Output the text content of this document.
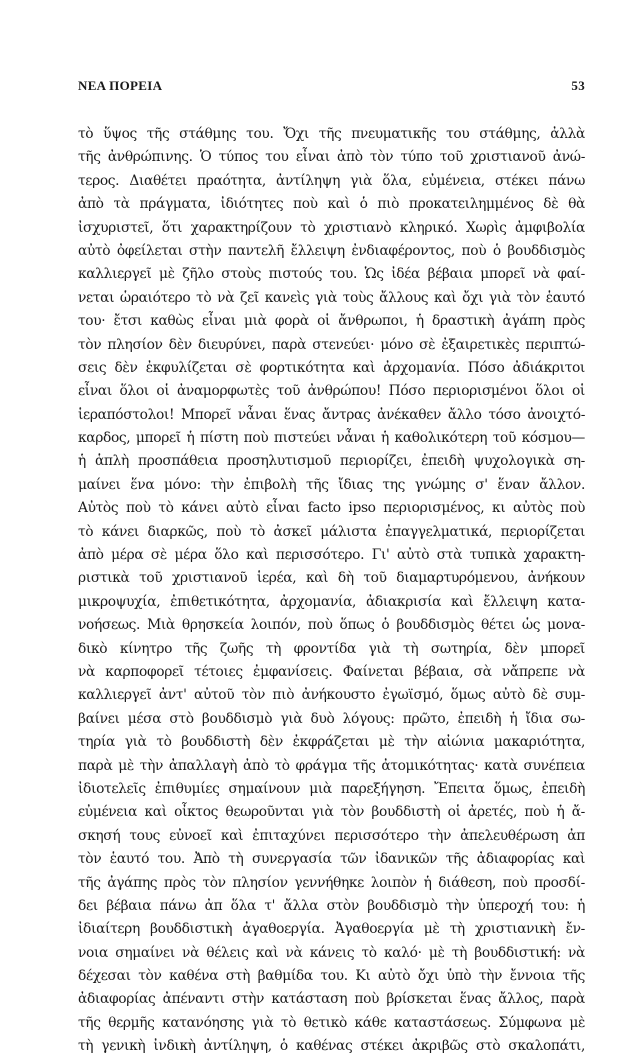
ΝΕΑ ΠΟΡΕΙΑ	53
τὸ ὕψος τῆς στάθμης του. Ὄχι τῆς πνευματικῆς του στάθμης, ἀλλὰ
τῆς ἀνθρώπινης. Ὁ τύπος του εἶναι ἀπὸ τὸν τύπο τοῦ χριστιανοῦ ἀνώ-
τερος. Διαθέτει πραότητα, ἀντίληψη γιὰ ὅλα, εὐμένεια, στέκει πάνω
ἀπὸ τὰ πράγματα, ἰδιότητες ποὺ καὶ ὁ πιὸ προκατειλημμένος δὲ θὰ
ἰσχυριστεῖ, ὅτι χαρακτηρίζουν τὸ χριστιανὸ κληρικό. Χωρὶς ἀμφιβολία
αὐτὸ ὀφείλεται στὴν παντελῆ ἔλλειψη ἐνδιαφέροντος, ποὺ ὁ βουδδισμὸς
καλλιεργεῖ μὲ ζῆλο στοὺς πιστούς του. Ὡς ἰδέα βέβαια μπορεῖ νὰ φαί-
νεται ὡραιότερο τὸ νὰ ζεῖ κανεὶς γιὰ τοὺς ἄλλους καὶ ὄχι γιὰ τὸν ἑαυτό
του· ἔτσι καθὼς εἶναι μιὰ φορὰ οἱ ἄνθρωποι, ἡ δραστικὴ ἀγάπη πρὸς
τὸν πλησίον δὲν διευρύνει, παρὰ στενεύει· μόνο σὲ ἐξαιρετικὲς περιπτώ-
σεις δὲν ἐκφυλίζεται σὲ φορτικότητα καὶ ἀρχομανία. Πόσο ἀδιάκριτοι
εἶναι ὅλοι οἱ ἀναμορφωτὲς τοῦ ἀνθρώπου! Πόσο περιορισμένοι ὅλοι οἱ
ἱεραπόστολοι! Μπορεῖ νἆναι ἕνας ἄντρας ἀνέκαθεν ἄλλο τόσο ἀνοιχτό-
καρδος, μπορεῖ ἡ πίστη ποὺ πιστεύει νἆναι ἡ καθολικότερη τοῦ κόσμου—
ἡ ἁπλὴ προσπάθεια προσηλυτισμοῦ περιορίζει, ἐπειδὴ ψυχολογικὰ ση-
μαίνει ἕνα μόνο: τὴν ἐπιβολὴ τῆς ἴδιας της γνώμης σ' ἕναν ἄλλον.
Αὐτὸς ποὺ τὸ κάνει αὐτὸ εἶναι facto ipso περιορισμένος, κι αὐτὸς ποὺ
τὸ κάνει διαρκῶς, ποὺ τὸ ἀσκεῖ μάλιστα ἐπαγγελματικά, περιορίζεται
ἀπὸ μέρα σὲ μέρα ὅλο καὶ περισσότερο. Γι' αὐτὸ στὰ τυπικὰ χαρακτη-
ριστικὰ τοῦ χριστιανοῦ ἱερέα, καὶ δὴ τοῦ διαμαρτυρόμενου, ἀνήκουν
μικροψυχία, ἐπιθετικότητα, ἀρχομανία, ἀδιακρισία καὶ ἔλλειψη κατα-
νοήσεως. Μιὰ θρησκεία λοιπόν, ποὺ ὅπως ὁ βουδδισμὸς θέτει ὡς μονα-
δικὸ κίνητρο τῆς ζωῆς τὴ φροντίδα γιὰ τὴ σωτηρία, δὲν μπορεῖ
νὰ καρποφορεῖ τέτοιες ἐμφανίσεις. Φαίνεται βέβαια, σὰ νἄπρεπε νὰ
καλλιεργεῖ ἀντ' αὐτοῦ τὸν πιὸ ἀνήκουστο ἐγωϊσμό, ὅμως αὐτὸ δὲ συμ-
βαίνει μέσα στὸ βουδδισμὸ γιὰ δυὸ λόγους: πρῶτο, ἐπειδὴ ἡ ἴδια σω-
τηρία γιὰ τὸ βουδδιστὴ δὲν ἐκφράζεται μὲ τὴν αἰώνια μακαριότητα,
παρὰ μὲ τὴν ἀπαλλαγὴ ἀπὸ τὸ φράγμα τῆς ἀτομικότητας· κατὰ συνέπεια
ἰδιοτελεῖς ἐπιθυμίες σημαίνουν μιὰ παρεξήγηση. Ἔπειτα ὅμως, ἐπειδὴ
εὐμένεια καὶ οἶκτος θεωροῦνται γιὰ τὸν βουδδιστὴ οἱ ἀρετές, ποὺ ἡ ἄ-
σκησή τους εὐνοεῖ καὶ ἐπιταχύνει περισσότερο τὴν ἀπελευθέρωση ἀπ
τὸν ἑαυτό του. Ἀπὸ τὴ συνεργασία τῶν ἰδανικῶν τῆς ἀδιαφορίας καὶ
τῆς ἀγάπης πρὸς τὸν πλησίον γεννήθηκε λοιπὸν ἡ διάθεση, ποὺ προσδί-
δει βέβαια πάνω ἀπ ὅλα τ' ἄλλα στὸν βουδδισμὸ τὴν ὑπεροχή του: ἡ
ἰδιαίτερη βουδδιστικὴ ἀγαθοεργία. Ἀγαθοεργία μὲ τὴ χριστιανικὴ ἔν-
νοια σημαίνει νὰ θέλεις καὶ νὰ κάνεις τὸ καλό· μὲ τὴ βουδδιστική: νὰ
δέχεσαι τὸν καθένα στὴ βαθμίδα του. Κι αὐτὸ ὄχι ὑπὸ τὴν ἔννοια τῆς
ἀδιαφορίας ἀπέναντι στὴν κατάσταση ποὺ βρίσκεται ἕνας ἄλλος, παρὰ
τῆς θερμῆς κατανόησης γιὰ τὸ θετικὸ κάθε καταστάσεως. Σύμφωνα μὲ
τὴ γενικὴ ἰνδικὴ ἀντίληψη, ὁ καθένας στέκει ἀκριβῶς στὸ σκαλοπάτι,
